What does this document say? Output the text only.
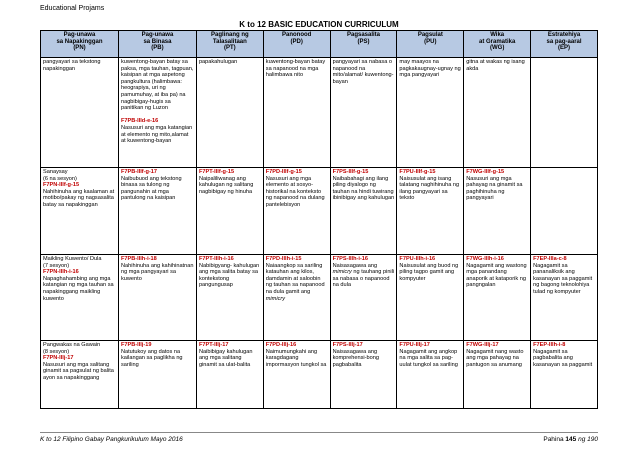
Educational Projams
K to 12 BASIC EDUCATION CURRICULUM
Pag-unawa
sa Napakinggan
(PN)	Pag-unawa
sa Binasa
(PB)	Paglinang ng
Talasalitaan
(PT)	Panonood
(PD)	Pagsasalita
(PS)	Pagsulat
(PU)	Wika
at Gramatika
(WG)	Estratehiya
sa pag-aaral
(EP)

pangyayari sa tekstong napakinggan	kuwentong-bayan batay sa paksa, mga tauhan, tagpuan, kaisipan at mga aspetong pangkultura (halimbawa: heograpiya, uri ng pamumuhay, at iba pa) na nagbibigay-hugis sa panitikan ng Luzon

F7PB-IIId-e-16
Nasusuri ang mga katangian at elemento ng mito,alamat at kuwentong-bayan	papakahulugan	kuwentong-bayan batay sa napanood na mga halimbawa nito	pangyayari sa nabasa o napanood na mito/alamat/ kuwentong-bayan	may maayos na pagkakaugnay-ugnay ng mga pangyayari	gitna at wakas ng isang akda	

Sanaysay
(6 na sesyon)
F7PN-IIIf-g-15
Nahihinuha ang kaalaman at motibo/pakay ng nagsasalita batay sa napakinggan	F7PB-IIIf-g-17
Naibubuod ang tekstong binasa sa tulong ng pangunahin at mga pantulong na kaisipan	F7PT-IIIf-g-15
Naipaliliwanag ang kahulugan ng salitang nagbibigay ng hinuha	F7PD-IIIf-g-15
Nasusuri ang mga elemento at sosyo-historikal na konteksto ng napanood na dulang pantelebisyon	F7PS-IIIf-g-15
Naibabahagi ang ilang piling diyalogo ng tauhan na hindi tuwirang ibinibigay ang kahulugan	F7PU-IIIf-g-15
Naisusulat ang isang talatang naghihinuha ng ilang pangyayari sa teksto	F7WG-IIIf-g-15
Nasusuri ang mga pahayag na ginamit sa paghihinuha ng pangyayari	

Maikling Kuwento/ Dula
(7 sesyon)
F7PN-IIIh-i-16
Napaghahambing ang mga katangian ng mga tauhan sa napakinggang maikling kuwento	F7PB-IIIh-i-18
Nahihinuha ang kahihinatnan ng mga pangyayari sa kuwento	F7PT-IIIh-i-16
Nabibigyang- kahulugan ang mga salita batay sa kontekstong pangungusap	F7PD-IIIh-i-15
Naiaangkop sa sariling katauhan ang kilos, damdamin at saloobin ng tauhan sa napanood na dula gamit ang mimicry	F7PS-IIIh-i-16
Naisasagawa ang mimicry ng tauhang pinili sa nabasa o napanood na dula	F7PU-IIIh-i-16
Naisusulat ang buod ng piling tagpo gamit ang kompyuter	F7WG-IIIh-i-16
Nagagamit ang wastong mga panandang anaporik at kataporik ng pangngalan	F7EP-IIIa-c-8
Nagagamit sa pananaliksik ang kasanayan sa paggamit ng bagong teknolohiya tulad ng kompyuter

Pangwakas na Gawain
(8 sesyon)
F7PN-IIIj-17
Nasusuri ang mga salitang ginamit sa pagsulat ng balita ayon sa napakinggang	F7PB-IIIj-19
Natutukoy ang datos na kailangan sa paglikha ng sariling	F7PT-IIIj-17
Naibibigay kahulugan ang mga salitang ginamit sa ulat-balita	F7PD-IIIj-16
Naimumungkahi ang karagdagang impormasyon tungkol sa	F7PS-IIIj-17
Naisasagawa ang komprehensi-bong pagbabalita	F7PU-IIIj-17
Nagagamit ang angkop na mga salita sa pag-uulat tungkol sa sariling	F7WG-IIIj-17
Nagagamit nang wasto ang mga pahayag na pantugon sa anumang	F7EP-IIIh-i-8
Nagagamit sa pagbabalita ang kasanayan sa paggamit
K to 12 Filipino Gabay Pangkurikulum Mayo 2016	Pahina 145 ng 190
